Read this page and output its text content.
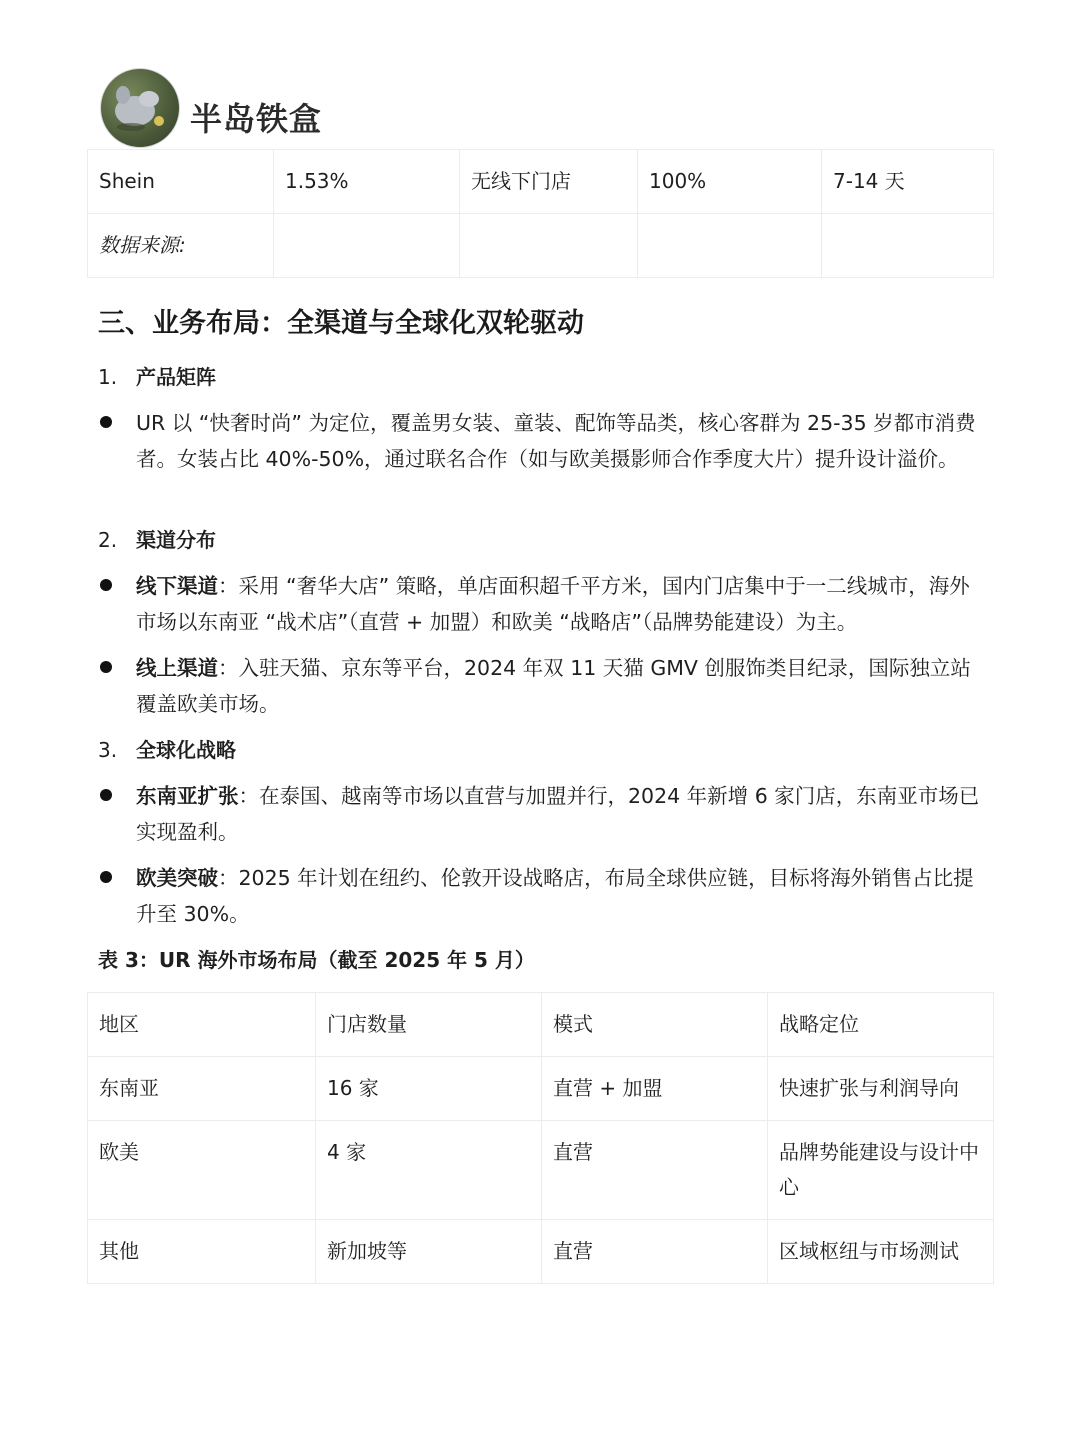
半岛铁盒
Shein	1.53%	无线下门店	100%	7-14 天
数据来源:				
三、业务布局：全渠道与全球化双轮驱动
1. 产品矩阵
UR 以 “快奢时尚” 为定位，覆盖男女装、童装、配饰等品类，核心客群为 25-35 岁都市消费者。女装占比 40%-50%，通过联名合作（如与欧美摄影师合作季度大片）提升设计溢价。
2. 渠道分布
线下渠道：采用 “奢华大店” 策略，单店面积超千平方米，国内门店集中于一二线城市，海外市场以东南亚 “战术店”（直营 + 加盟）和欧美 “战略店”（品牌势能建设）为主。
线上渠道：入驻天猫、京东等平台，2024 年双 11 天猫 GMV 创服饰类目纪录，国际独立站覆盖欧美市场。
3. 全球化战略
东南亚扩张：在泰国、越南等市场以直营与加盟并行，2024 年新增 6 家门店，东南亚市场已实现盈利。
欧美突破：2025 年计划在纽约、伦敦开设战略店，布局全球供应链，目标将海外销售占比提升至 30%。
表 3：UR 海外市场布局（截至 2025 年 5 月）
地区	门店数量	模式	战略定位
东南亚	16 家	直营 + 加盟	快速扩张与利润导向
欧美	4 家	直营	品牌势能建设与设计中心
其他	新加坡等	直营	区域枢纽与市场测试
